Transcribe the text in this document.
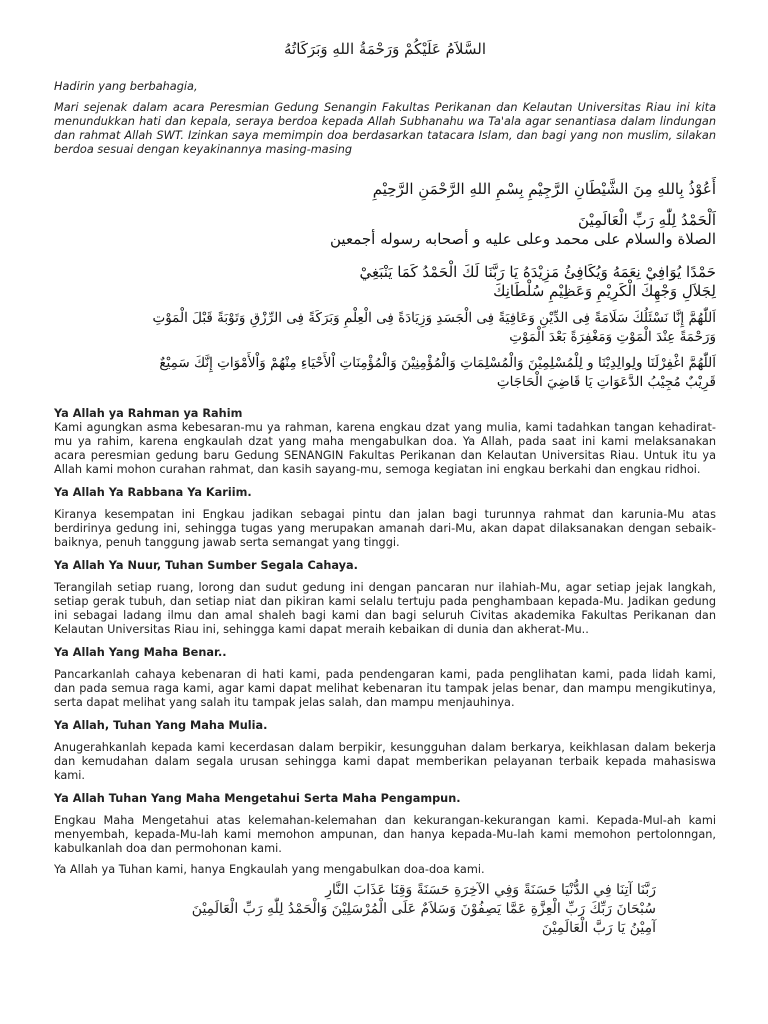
السَّلاَمُ عَلَيْكُمْ وَرَحْمَةُ اللهِ وَبَرَكَاتُهُ

Hadirin yang berbahagia,

Mari sejenak dalam acara Peresmian Gedung Senangin Fakultas Perikanan dan Kelautan Universitas Riau ini kita menundukkan hati dan kepala, seraya berdoa kepada Allah Subhanahu wa Ta'ala agar senantiasa dalam lindungan dan rahmat Allah SWT. Izinkan saya memimpin doa berdasarkan tatacara Islam, dan bagi yang non muslim, silakan berdoa sesuai dengan keyakinannya masing-masing

أَعُوْذُ بِاللهِ مِنَ الشَّيْطَانِ الرَّجِيْمِ بِسْمِ اللهِ الرَّحْمَنِ الرَّحِيْمِ
اَلْحَمْدُ لِلّٰهِ رَبِّ الْعَالَمِيْنَ
الصلاة والسلام على محمد وعلى عليه و أصحابه رسوله أجمعين
حَمْدًا يُوَافِيْ نِعَمَهُ وَيُكَافِئُ مَزِيْدَهُ يَا رَبَّنَا لَكَ الْحَمْدُ كَمَا يَنْبَغِيْ
لِجَلاَلِ وَجْهِكَ الْكَرِيْمِ وَعَظِيْمِ سُلْطَانِكَ
اَللّٰهُمَّ إِنَّا نَسْئَلُكَ سَلَامَةً فِى الدِّيْنِ وَعَافِيَةً فِى الْجَسَدِ وَزِيَادَةً فِى الْعِلْمِ وَبَرَكَةً فِى الرِّزْقِ وَتَوْبَةً قَبْلَ الْمَوْتِ
وَرَحْمَةً عِنْدَ الْمَوْتِ وَمَغْفِرَةً بَعْدَ الْمَوْتِ
اَللّٰهُمَّ اغْفِرْلَنَا ولِوالِدِيْنَا و لِلْمُسْلِمِيْنَ وَالْمُسْلِمَاتِ وَالْمُؤْمِنِيْنَ وَالْمُؤْمِنَاتِ اْلأَحْيَاءِ مِنْهُمْ وَاْلأَمْوَاتِ إِنَّكَ سَمِيْعٌ
قَرِيْبٌ مُجِيْبُ الدَّعَوَاتِ يَا قَاضِيَ الْحَاجَاتِ

Ya Allah ya Rahman ya Rahim

Kami agungkan asma kebesaran-mu ya rahman, karena engkau dzat yang mulia, kami tadahkan tangan kehadirat-mu ya rahim, karena engkaulah dzat yang maha mengabulkan doa. Ya Allah, pada saat ini kami melaksanakan acara peresmian gedung baru Gedung SENANGIN Fakultas Perikanan dan Kelautan Universitas Riau. Untuk itu ya Allah kami mohon curahan rahmat, dan kasih sayang-mu, semoga kegiatan ini engkau berkahi dan engkau ridhoi.

Ya Allah Ya Rabbana Ya Kariim.

Kiranya kesempatan ini Engkau jadikan sebagai pintu dan jalan bagi turunnya rahmat dan karunia-Mu atas berdirinya gedung ini, sehingga tugas yang merupakan amanah dari-Mu, akan dapat dilaksanakan dengan sebaik-baiknya, penuh tanggung jawab serta semangat yang tinggi.

Ya Allah Ya Nuur, Tuhan Sumber Segala Cahaya.

Terangilah setiap ruang, lorong dan sudut gedung ini dengan pancaran nur ilahiah-Mu, agar setiap jejak langkah, setiap gerak tubuh, dan setiap niat dan pikiran kami selalu tertuju pada penghambaan kepada-Mu. Jadikan gedung ini sebagai ladang ilmu dan amal shaleh bagi kami dan bagi seluruh Civitas akademika Fakultas Perikanan dan Kelautan Universitas Riau ini, sehingga kami dapat meraih kebaikan di dunia dan akherat-Mu..

Ya Allah Yang Maha Benar..

Pancarkanlah cahaya kebenaran di hati kami, pada pendengaran kami, pada penglihatan kami, pada lidah kami, dan pada semua raga kami, agar kami dapat melihat kebenaran itu tampak jelas benar, dan mampu mengikutinya, serta dapat melihat yang salah itu tampak jelas salah, dan mampu menjauhinya.

Ya Allah, Tuhan Yang Maha Mulia.

Anugerahkanlah kepada kami kecerdasan dalam berpikir, kesungguhan dalam berkarya, keikhlasan dalam bekerja dan kemudahan dalam segala urusan sehingga kami dapat memberikan pelayanan terbaik kepada mahasiswa kami.

Ya Allah Tuhan Yang Maha Mengetahui Serta Maha Pengampun.

Engkau Maha Mengetahui atas kelemahan-kelemahan dan kekurangan-kekurangan kami. Kepada-Mul-ah kami menyembah, kepada-Mu-lah kami memohon ampunan, dan hanya kepada-Mu-lah kami memohon pertolonngan, kabulkanlah doa dan permohonan kami.

Ya Allah ya Tuhan kami, hanya Engkaulah yang mengabulkan doa-doa kami.

رَبَّنَا آتِنَا فِي الدُّنْيَا حَسَنَةً وَفِي الآخِرَةِ حَسَنَةً وَقِنَا عَذَابَ النَّارِ
سُبْحَانَ رَبِّكَ رَبِّ الْعِزَّةِ عَمَّا يَصِفُوْنَ وَسَلاَمٌ عَلَى الْمُرْسَلِيْنَ وَالْحَمْدُ لِلّٰهِ رَبِّ الْعَالَمِيْنَ
آمِيْنُ يَا رَبَّ الْعَالَمِيْنَ
